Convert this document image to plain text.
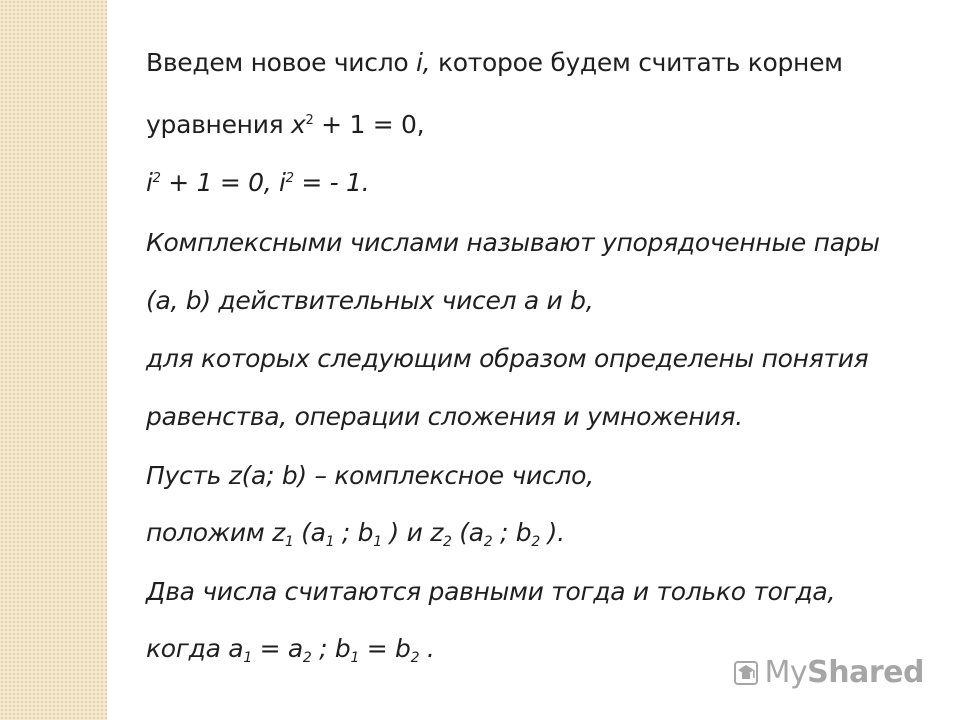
Введем новое число i, которое будем считать корнем
уравнения $x^2 + 1 = 0$,
$i^2 + 1 = 0$, $i^2$ = - 1.
Комплексными числами называют упорядоченные пары
(a, b) действительных чисел a и b,
для которых следующим образом определены понятия
равенства, операции сложения и умножения.
Пусть z(a; b) – комплексное число,
положим $z_1$ ($a_1$ ; $b_1$ ) и $z_2$ ($a_2$ ; $b_2$ ).
Два числа считаются равными тогда и только тогда,
когда $a_1 = a_2$ ; $b_1 = b_2$ .
MyShared
